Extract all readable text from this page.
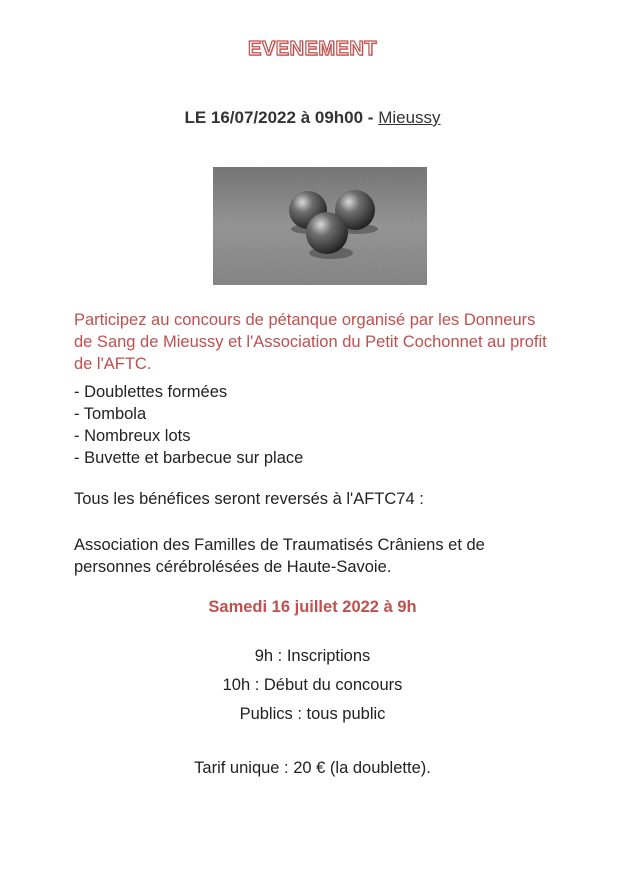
EVENEMENT
LE 16/07/2022 à 09h00 - Mieussy
Participez au concours de pétanque organisé par les Donneurs de Sang de Mieussy et l'Association du Petit Cochonnet au profit de l'AFTC.
- Doublettes formées
- Tombola
- Nombreux lots
- Buvette et barbecue sur place

Tous les bénéfices seront reversés à l'AFTC74 :

Association des Familles de Traumatisés Crâniens et de personnes cérébrolésées de Haute-Savoie.

Samedi 16 juillet 2022 à 9h
9h : Inscriptions
10h : Début du concours
Publics : tous public
Tarif unique : 20 € (la doublette).
